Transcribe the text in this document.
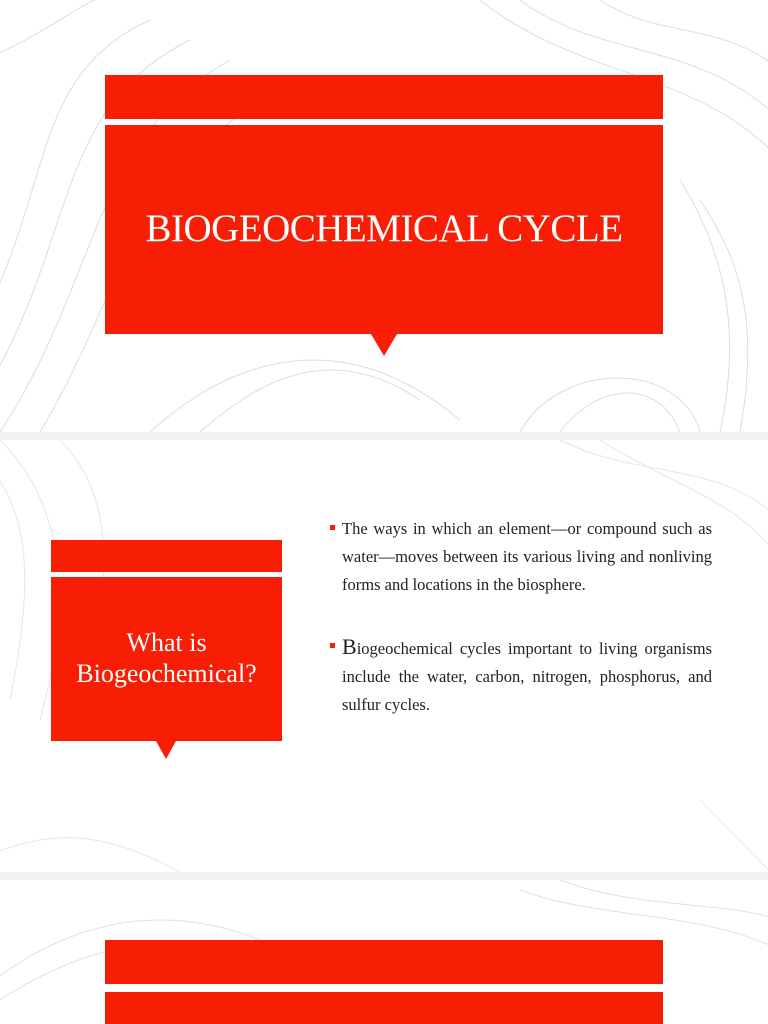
BIOGEOCHEMICAL CYCLE
What is
Biogeochemical?
The ways in which an element—or compound such as water—moves between its various living and nonliving forms and locations in the biosphere.
Biogeochemical cycles important to living organisms include the water, carbon, nitrogen, phosphorus, and sulfur cycles.
